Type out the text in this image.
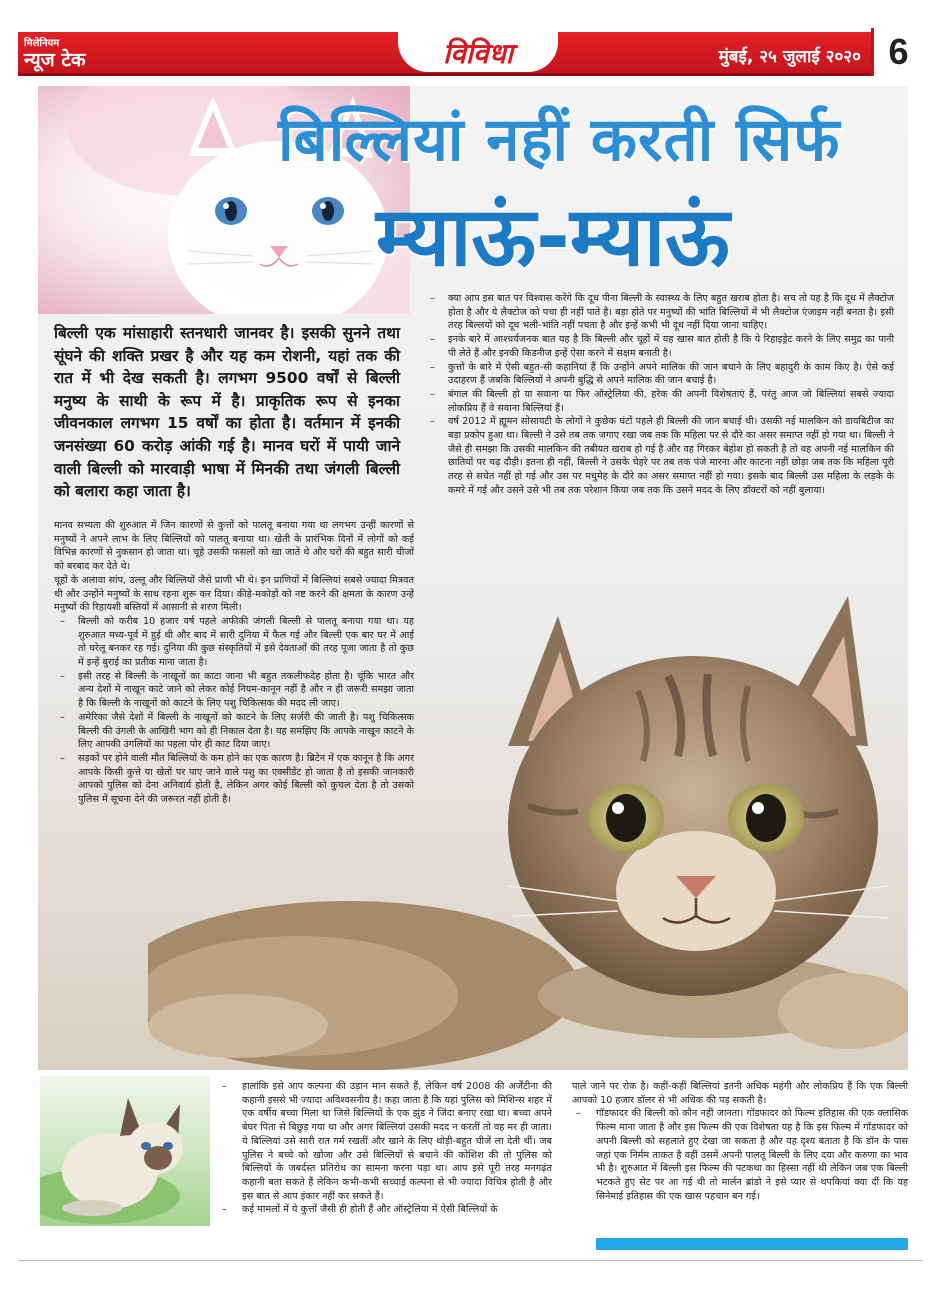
मिलेनियम
न्यूज टेक	विविधा	मुंबई, २५ जुलाई २०२० 6
बिल्लियां नहीं करती सिर्फ
म्याऊं-म्याऊं
बिल्ली एक मांसाहारी स्तनधारी जानवर है। इसकी सुनने तथा सूंघने की शक्ति प्रखर है और यह कम रोशनी, यहां तक की रात में भी देख सकती है। लगभग 9500 वर्षों से बिल्ली मनुष्य के साथी के रूप में है। प्राकृतिक रूप से इनका जीवनकाल लगभग 15 वर्षों का होता है। वर्तमान में इनकी जनसंख्या 60 करोड़ आंकी गई है। मानव घरों में पायी जाने वाली बिल्ली को मारवाड़ी भाषा में मिनकी तथा जंगली बिल्ली को बलारा कहा जाता है।

मानव सभ्यता की शुरुआत में जिन कारणों से कुत्तों को पालतू बनाया गया था लगभग उन्हीं कारणों से मनुष्यों ने अपने लाभ के लिए बिल्लियों को पालतू बनाया था। खेती के प्रारंभिक दिनों में लोगों को कई विभिन्न कारणों से नुकसान हो जाता था। चूहे उसकी फसलों को खा जाते थे और घरों की बहुत सारी चीजों को बरबाद कर देते थे।

चूहों के अलावा सांप, उल्लू और बिल्लियों जैसे प्राणी भी थे। इन प्राणियों में बिल्लियां सबसे ज्यादा मित्रवत थी और उन्होंने मनुष्यों के साथ रहना शुरू कर दिया। कीड़े-मकोड़ों को नष्ट करने की क्षमता के कारण उन्हें मनुष्यों की रिहायशी बस्तियों में आसानी से शरण मिली।

– बिल्ली को करीब 10 हजार वर्ष पहले अफीकी जंगली बिल्ली से पालतू बनाया गया था। यह शुरुआत मध्य-पूर्व में हुई थी और बाद में सारी दुनिया में फैल गई और बिल्ली एक बार घर में आई तो घरेलू बनकर रह गई। दुनिया की कुछ संस्कृतियों में इसे देवताओं की तरह पूजा जाता है तो कुछ में इन्हें बुराई का प्रतीक माना जाता है।

– इसी तरह से बिल्ली के नाखूनों का काटा जाना भी बहुत तकलीफदेह होता है। चूंकि भारत और अन्य देशों में नाखून काटे जाने को लेकर कोई नियम-कानून नहीं है और न ही जरूरी समझा जाता है कि बिल्ली के नाखूनों को काटने के लिए पशु चिकित्सक की मदद ली जाए।

– अमेरिका जैसे देशों में बिल्ली के नाखूनों को काटने के लिए सर्जरी की जाती है। पशु चिकित्सक बिल्ली की उंगली के आखिरी भाग को ही निकाल देता है। यह समझिए कि आपके नाखून काटने के लिए आपकी उंगलियों का पहला पोर ही काट दिया जाए।

– सड़कों पर होने वाली मौत बिल्लियों के कम होने का एक कारण है। ब्रिटेन में एक कानून है कि अगर आपके किसी कुत्ते या खेतों पर पाए जाने वाले पशु का एक्सीडेंट हो जाता है तो इसकी जानकारी आपको पुलिस को देना अनिवार्य होती है, लेकिन अगर कोई बिल्ली को कुचल देता है तो उसको पुलिस में सूचना देने की जरूरत नहीं होती है।

– क्या आप इस बात पर विश्वास करेंगे कि दूध पीना बिल्ली के स्वास्थ्य के लिए बहुत खराब होता है। सच तो यह है कि दूध में लैक्टोज होता है और ये लैक्टोज को पचा ही नहीं पाते है। बड़ा होते पर मनुष्यों की भांति बिल्लियों में भी लैक्टोज एंजाइम नहीं बनता है। इसी तरह बिल्लयों को दूध भली-भांति नहीं पचता है और इन्हें कभी भी दूध नहीं दिया जाना चाहिए।

– इनके बारे में आश्चर्यजनक बात यह है कि बिल्ली और चूहों में यह खास बात होती है कि ये रिहाइड्रेट करने के लिए समुद्र का पानी पी लेते हैं और इनकी किडनीज इन्हें ऐसा करने में सक्षम बनाती है।

– कुत्तों के बारे में ऐसी बहुत-सी कहानियां हैं कि उन्होंने अपने मालिक की जान बचाने के लिए बहादुरी के काम किए है। ऐसे कई उदाहरण हैं जबकि बिल्लियों ने अपनी बुद्धि से अपने मालिक की जान बचाई है।

– बंगाल की बिल्ली हो या सवाना या फिर ऑस्ट्रेलिया की, हरेक की अपनी विशेषताएं हैं, परंतु आज जो बिल्लियां सबसे ज्यादा लोकप्रिय हैं वे सवाना बिल्लियां हैं।

– वर्ष 2012 में ह्यूमन सोसायटी के लोगों ने कुछेक घंटों पहले ही बिल्ली की जान बचाई थी। उसकी नई मालकिन को डायबिटीज का बड़ा प्रकोप हुआ था। बिल्ली ने उसे तब तक जगाए रखा जब तक कि महिला पर से दौरे का असर समाप्त नहीं हो गया था। बिल्ली ने जैसे ही समझा कि उसकी मालकिन की तबीयत खराब हो गई है और वह गिरकर बेहोश हो सकती है तो वह अपनी नई मालकिन की छातियों पर चढ़ दौड़ी। इतना ही नहीं, बिल्ली ने उसके चेहरे पर तब तक पंजे मारना और काटना नहीं छोड़ा जब तक कि महिला पूरी तरह से सचेत नहीं हो गई और उस पर मधुमेह के दौरे का असर समाप्त नहीं हो गया। इसके बाद बिल्ली उस महिला के लड़के के कमरे में गई और उसने उसे भी तब तक परेशान किया जब तक कि उसने मदद के लिए डॉक्टरों को नहीं बुलाया।

– हालांकि इसे आप कल्पना की उड़ान मान सकते हैं, लेकिन वर्ष 2008 की अर्जेंटीना की कहानी इससे भी ज्यादा अविश्वसनीय है। कहा जाता है कि यहां पुलिस को मिशिन्स शहर में एक वर्षीय बच्चा मिला था जिसे बिल्लियों के एक झुंड ने जिंदा बनाए रखा था। बच्चा अपने बेघर पिता से बिछुड़ गया था और अगर बिल्लियां उसकी मदद न करतीं तो वह मर ही जाता। ये बिल्लियां उसे सारी रात गर्म रखतीं और खाने के लिए थोड़ी-बहुत चीजें ला देती थीं। जब पुलिस ने बच्चे को खोजा और उसे बिल्लियों से बचाने की कोशिश की तो पुलिस को बिल्लियों के जबर्दस्त प्रतिरोध का सामना करना पड़ा था। आप इसे पूरी तरह मनगढ़ंत कहानी बता सकते हैं लेकिन कभी-कभी सच्चाई कल्पना से भी ज्यादा विचित्र होती है और इस बात से आप इंकार नहीं कर सकते हैं।

– कई मामलों में ये कुत्तों जैसी ही होती हैं और ऑस्ट्रेलिया में ऐसी बिल्लियों के

पाले जाने पर रोक है। कहीं-कहीं बिल्लियां इतनी अधिक महंगी और लोकप्रिय हैं कि एक बिल्ली आपको 10 हजार डॉलर से भी अधिक की पड़ सकती है।

– गॉडफादर की बिल्ली को कौन नहीं जानता। गॉडफादर को फिल्म इतिहास की एक क्लासिक फिल्म माना जाता है और इस फिल्म की एक विशेषता यह है कि इस फिल्म में गॉडफादर को अपनी बिल्ली को सहलाते हुए देखा जा सकता है और यह दृश्य बताता है कि डॉन के पास जहां एक निर्मम ताकत है वहीं उसमें अपनी पालतू बिल्ली के लिए दया और करुणा का भाव भी है। शुरुआत में बिल्ली इस फिल्म की पटकथा का हिस्सा नहीं थी लेकिन जब एक बिल्ली भटकते हुए सेट पर आ गई थी तो मार्लन ब्रांडो ने इसे प्यार से थपकियां क्या दीं कि यह सिनेमाई इतिहास की एक खास पहचान बन गई।
